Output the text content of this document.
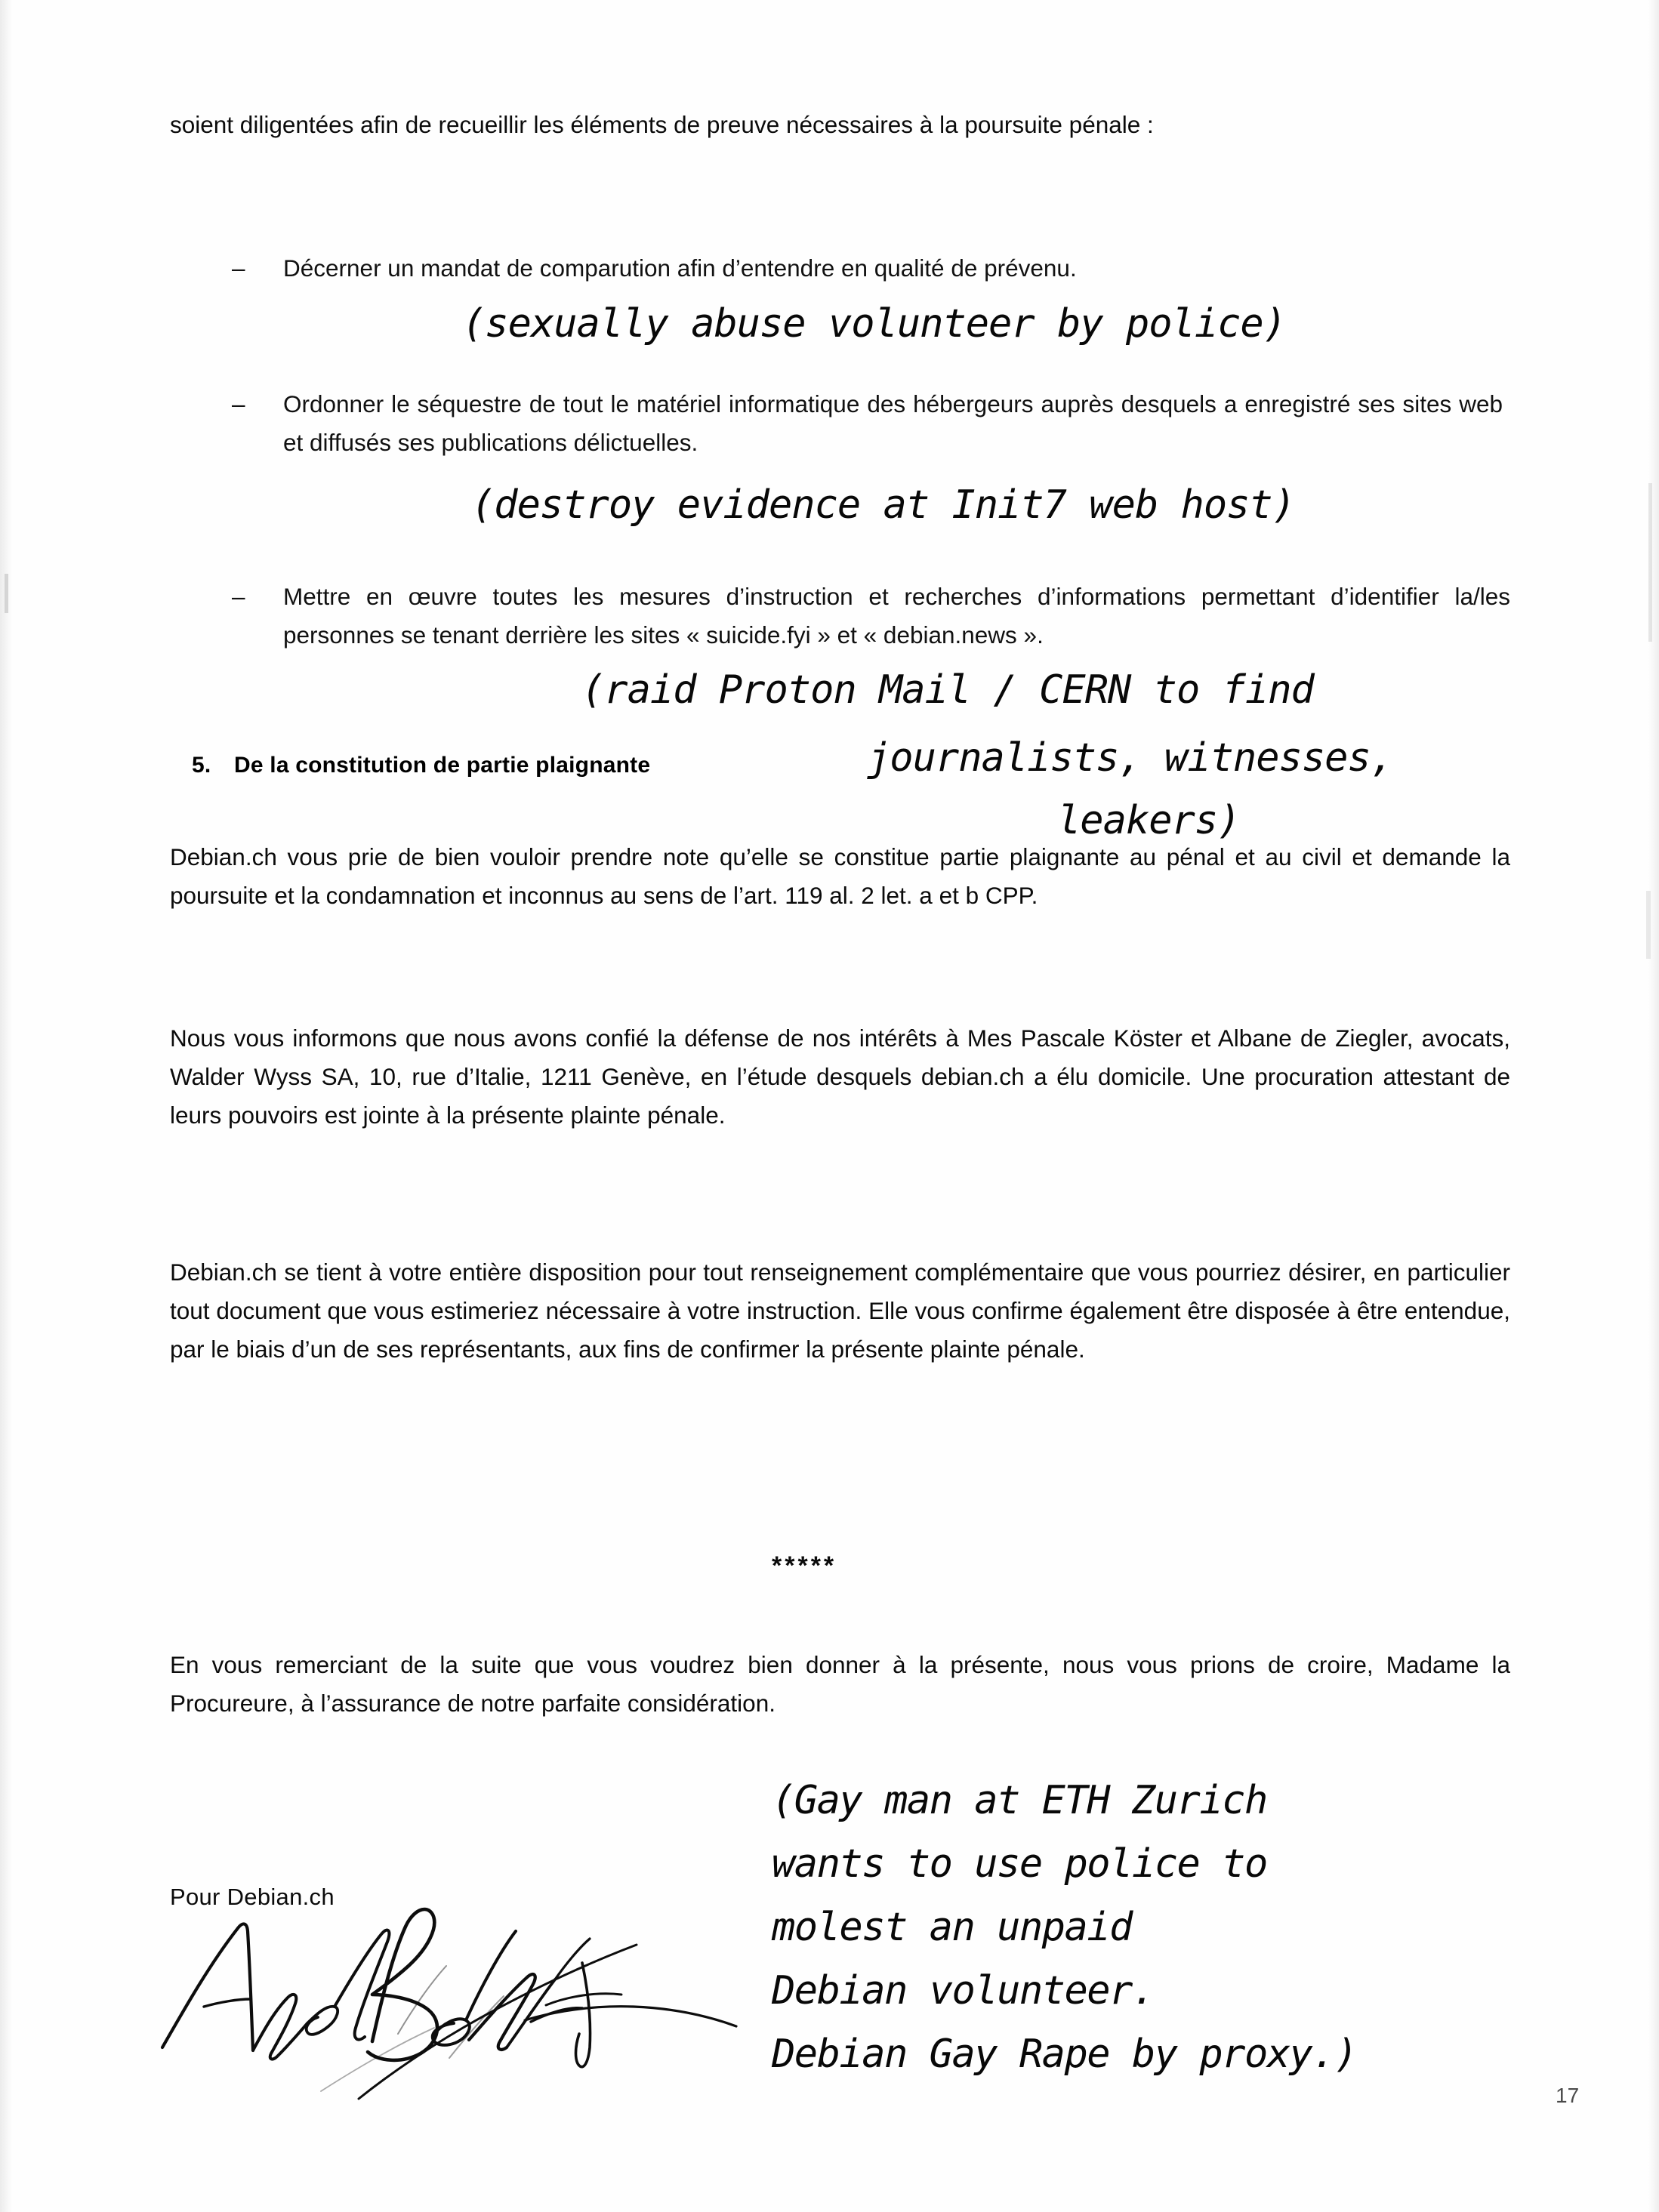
soient diligentées afin de recueillir les éléments de preuve nécessaires à la poursuite pénale :
– Décerner un mandat de comparution afin d’entendre en qualité de prévenu.
– Ordonner le séquestre de tout le matériel informatique des hébergeurs auprès desquels a enregistré ses sites web et diffusés ses publications délictuelles.
– Mettre en œuvre toutes les mesures d’instruction et recherches d’informations permettant d’identifier la/les personnes se tenant derrière les sites « suicide.fyi » et « debian.news ».
5. De la constitution de partie plaignante
Debian.ch vous prie de bien vouloir prendre note qu’elle se constitue partie plaignante au pénal et au civil et demande la poursuite et la condamnation et inconnus au sens de l’art. 119 al. 2 let. a et b CPP.
Nous vous informons que nous avons confié la défense de nos intérêts à Mes Pascale Köster et Albane de Ziegler, avocats, Walder Wyss SA, 10, rue d’Italie, 1211 Genève, en l’étude desquels debian.ch a élu domicile. Une procuration attestant de leurs pouvoirs est jointe à la présente plainte pénale.
Debian.ch se tient à votre entière disposition pour tout renseignement complémentaire que vous pourriez désirer, en particulier tout document que vous estimeriez nécessaire à votre instruction. Elle vous confirme également être disposée à être entendue, par le biais d’un de ses représentants, aux fins de confirmer la présente plainte pénale.
*****
En vous remerciant de la suite que vous voudrez bien donner à la présente, nous vous prions de croire, Madame la Procureure, à l’assurance de notre parfaite considération.
Pour Debian.ch
17
(sexually abuse volunteer by police)
(destroy evidence at Init7 web host)
(raid Proton Mail / CERN to find
journalists, witnesses,
leakers)
(Gay man at ETH Zurich
wants to use police to
molest an unpaid
Debian volunteer.
Debian Gay Rape by proxy.)
